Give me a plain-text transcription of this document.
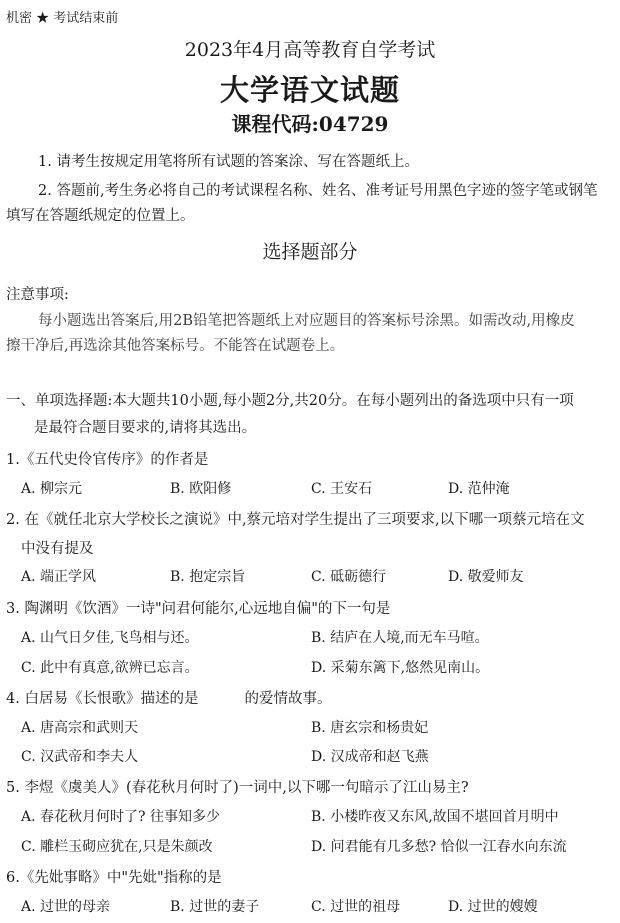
机密 ★ 考试结束前
2023年4月高等教育自学考试
大学语文试题
课程代码:04729
1. 请考生按规定用笔将所有试题的答案涂、写在答题纸上。
2. 答题前,考生务必将自己的考试课程名称、姓名、准考证号用黑色字迹的签字笔或钢笔
填写在答题纸规定的位置上。
选择题部分
注意事项:
每小题选出答案后,用2B铅笔把答题纸上对应题目的答案标号涂黑。如需改动,用橡皮
擦干净后,再选涂其他答案标号。不能答在试题卷上。
一、单项选择题:本大题共10小题,每小题2分,共20分。在每小题列出的备选项中只有一项
是最符合题目要求的,请将其选出。
1.《五代史伶官传序》的作者是
A. 柳宗元	B. 欧阳修	C. 王安石	D. 范仲淹
2. 在《就任北京大学校长之演说》中,蔡元培对学生提出了三项要求,以下哪一项蔡元培在文
中没有提及
A. 端正学风	B. 抱定宗旨	C. 砥砺德行	D. 敬爱师友
3. 陶渊明《饮酒》一诗"问君何能尔,心远地自偏"的下一句是
A. 山气日夕佳,飞鸟相与还。	B. 结庐在人境,而无车马喧。
C. 此中有真意,欲辨已忘言。	D. 采菊东篱下,悠然见南山。
4. 白居易《长恨歌》描述的是	的爱情故事。
A. 唐高宗和武则天	B. 唐玄宗和杨贵妃
C. 汉武帝和李夫人	D. 汉成帝和赵飞燕
5. 李煜《虞美人》(春花秋月何时了)一词中,以下哪一句暗示了江山易主?
A. 春花秋月何时了? 往事知多少	B. 小楼昨夜又东风,故国不堪回首月明中
C. 雕栏玉砌应犹在,只是朱颜改	D. 问君能有几多愁? 恰似一江春水向东流
6.《先妣事略》中"先妣"指称的是
A. 过世的母亲	B. 过世的妻子	C. 过世的祖母	D. 过世的嫂嫂
